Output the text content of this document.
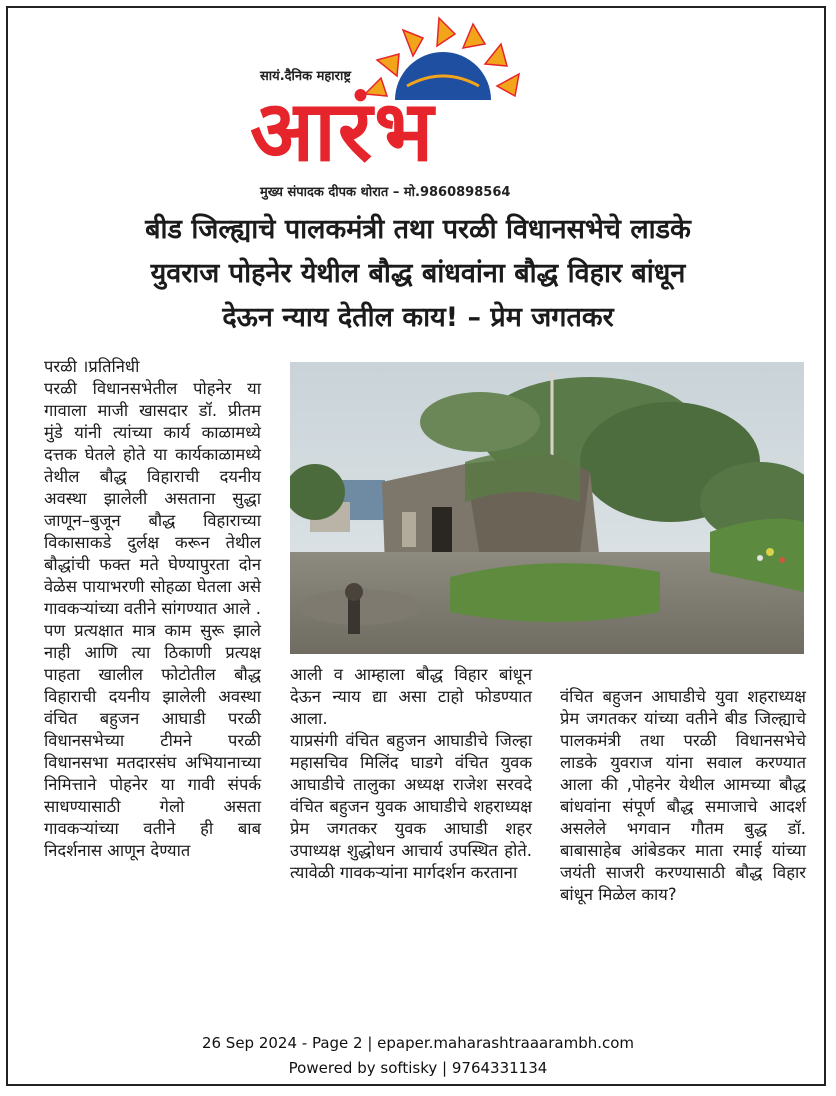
सायं.दैनिक महाराष्ट्र
आरंभ
मुख्य संपादक दीपक थोरात – मो.9860898564
बीड जिल्ह्याचे पालकमंत्री तथा परळी विधानसभेचे लाडके
युवराज पोहनेर येथील बौद्ध बांधवांना बौद्ध विहार बांधून
देऊन न्याय देतील काय! – प्रेम जगतकर
परळी ।प्रतिनिधी
परळी विधानसभेतील पोहनेर या गावाला माजी खासदार डॉ. प्रीतम मुंडे यांनी त्यांच्या कार्य काळामध्ये दत्तक घेतले होते या कार्यकाळामध्ये तेथील बौद्ध विहाराची दयनीय अवस्था झालेली असताना सुद्धा जाणून–बुजून बौद्ध विहाराच्या विकासाकडे दुर्लक्ष करून तेथील बौद्धांची फक्त मते घेण्यापुरता दोन वेळेस पायाभरणी सोहळा घेतला असे गावकऱ्यांच्या वतीने सांगण्यात आले . पण प्रत्यक्षात मात्र काम सुरू झाले नाही आणि त्या ठिकाणी प्रत्यक्ष पाहता खालील फोटोतील बौद्ध विहाराची दयनीय झालेली अवस्था वंचित बहुजन आघाडी परळी विधानसभेच्या टीमने परळी विधानसभा मतदारसंघ अभियानाच्या निमित्ताने पोहनेर या गावी संपर्क साधण्यासाठी गेलो असता गावकऱ्यांच्या वतीने ही बाब निदर्शनास आणून देण्यात
आली व आम्हाला बौद्ध विहार बांधून देऊन न्याय द्या असा टाहो फोडण्यात आला.
याप्रसंगी वंचित बहुजन आघाडीचे जिल्हा महासचिव मिलिंद घाडगे वंचित युवक आघाडीचे तालुका अध्यक्ष राजेश सरवदे वंचित बहुजन युवक आघाडीचे शहराध्यक्ष प्रेम जगतकर युवक आघाडी शहर उपाध्यक्ष शुद्धोधन आचार्य उपस्थित होते. त्यावेळी गावकऱ्यांना मार्गदर्शन करताना
वंचित बहुजन आघाडीचे युवा शहराध्यक्ष प्रेम जगतकर यांच्या वतीने बीड जिल्ह्याचे पालकमंत्री तथा परळी विधानसभेचे लाडके युवराज यांना सवाल करण्यात आला की ,पोहनेर येथील आमच्या बौद्ध बांधवांना संपूर्ण बौद्ध समाजाचे आदर्श असलेले भगवान गौतम बुद्ध डॉ. बाबासाहेब आंबेडकर माता रमाई यांच्या जयंती साजरी करण्यासाठी बौद्ध विहार बांधून मिळेल काय?
26 Sep 2024 - Page 2 | epaper.maharashtraaarambh.com
Powered by softisky | 9764331134
